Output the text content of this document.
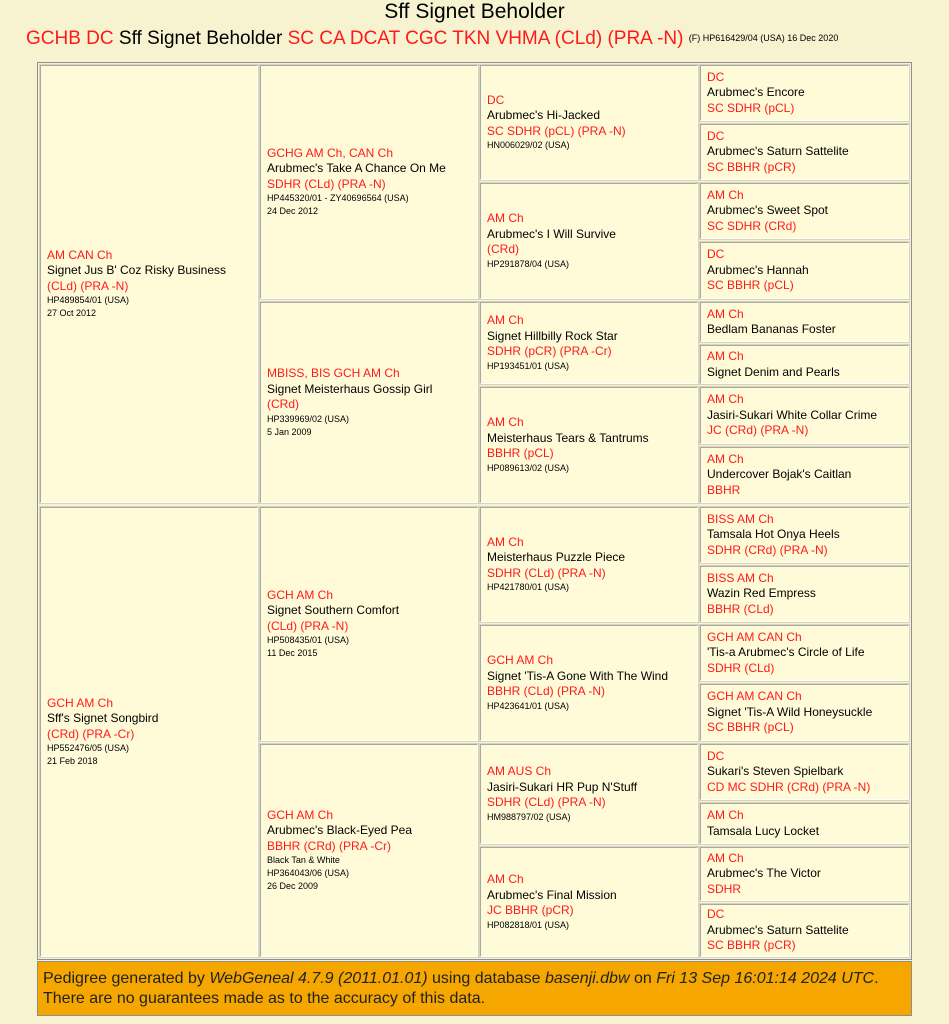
Sff Signet Beholder
GCHB DC Sff Signet Beholder SC CA DCAT CGC TKN VHMA (CLd) (PRA -N) (F) HP616429/04 (USA) 16 Dec 2020
AM CAN Ch
Signet Jus B' Coz Risky Business
(CLd) (PRA -N)
HP489854/01 (USA)
27 Oct 2012
GCH AM Ch
Sff's Signet Songbird
(CRd) (PRA -Cr)
HP552476/05 (USA)
21 Feb 2018
GCHG AM Ch, CAN Ch
Arubmec's Take A Chance On Me
SDHR (CLd) (PRA -N)
HP445320/01 - ZY40696564 (USA)
24 Dec 2012
MBISS, BIS GCH AM Ch
Signet Meisterhaus Gossip Girl
(CRd)
HP339969/02 (USA)
5 Jan 2009
GCH AM Ch
Signet Southern Comfort
(CLd) (PRA -N)
HP508435/01 (USA)
11 Dec 2015
GCH AM Ch
Arubmec's Black-Eyed Pea
BBHR (CRd) (PRA -Cr)
Black Tan & White
HP364043/06 (USA)
26 Dec 2009
DC
Arubmec's Hi-Jacked
SC SDHR (pCL) (PRA -N)
HN006029/02 (USA)
AM Ch
Arubmec's I Will Survive
(CRd)
HP291878/04 (USA)
AM Ch
Signet Hillbilly Rock Star
SDHR (pCR) (PRA -Cr)
HP193451/01 (USA)
AM Ch
Meisterhaus Tears & Tantrums
BBHR (pCL)
HP089613/02 (USA)
AM Ch
Meisterhaus Puzzle Piece
SDHR (CLd) (PRA -N)
HP421780/01 (USA)
GCH AM Ch
Signet 'Tis-A Gone With The Wind
BBHR (CLd) (PRA -N)
HP423641/01 (USA)
AM AUS Ch
Jasiri-Sukari HR Pup N'Stuff
SDHR (CLd) (PRA -N)
HM988797/02 (USA)
AM Ch
Arubmec's Final Mission
JC BBHR (pCR)
HP082818/01 (USA)
DC
Arubmec's Encore
SC SDHR (pCL)
DC
Arubmec's Saturn Sattelite
SC BBHR (pCR)
AM Ch
Arubmec's Sweet Spot
SC SDHR (CRd)
DC
Arubmec's Hannah
SC BBHR (pCL)
AM Ch
Bedlam Bananas Foster
AM Ch
Signet Denim and Pearls
AM Ch
Jasiri-Sukari White Collar Crime
JC (CRd) (PRA -N)
AM Ch
Undercover Bojak's Caitlan
BBHR
BISS AM Ch
Tamsala Hot Onya Heels
SDHR (CRd) (PRA -N)
BISS AM Ch
Wazin Red Empress
BBHR (CLd)
GCH AM CAN Ch
'Tis-a Arubmec's Circle of Life
SDHR (CLd)
GCH AM CAN Ch
Signet 'Tis-A Wild Honeysuckle
SC BBHR (pCL)
DC
Sukari's Steven Spielbark
CD MC SDHR (CRd) (PRA -N)
AM Ch
Tamsala Lucy Locket
AM Ch
Arubmec's The Victor
SDHR
DC
Arubmec's Saturn Sattelite
SC BBHR (pCR)
Pedigree generated by WebGeneal 4.7.9 (2011.01.01) using database basenji.dbw on Fri 13 Sep 16:01:14 2024 UTC.
There are no guarantees made as to the accuracy of this data.
